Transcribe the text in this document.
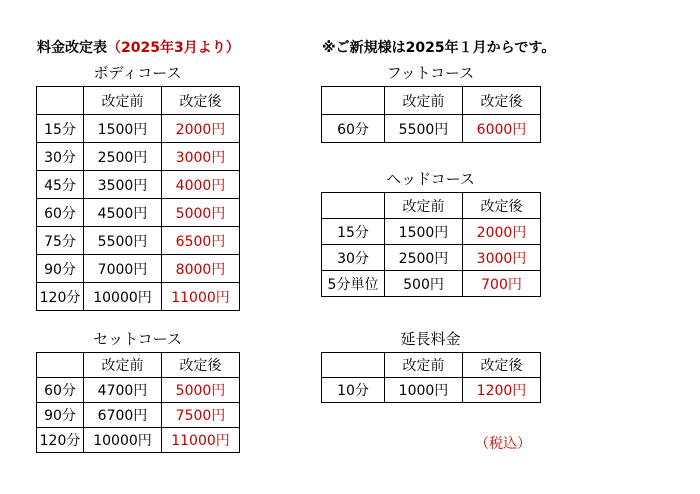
料金改定表（2025年3月より）	※ご新規様は2025年１月からです。
ボディコース
	改定前	改定後
15分	1500円	2000円
30分	2500円	3000円
45分	3500円	4000円
60分	4500円	5000円
75分	5500円	6500円
90分	7000円	8000円
120分	10000円	11000円
フットコース
	改定前	改定後
60分	5500円	6000円
ヘッドコース
	改定前	改定後
15分	1500円	2000円
30分	2500円	3000円
5分単位	500円	700円
セットコース
	改定前	改定後
60分	4700円	5000円
90分	6700円	7500円
120分	10000円	11000円
延長料金
	改定前	改定後
10分	1000円	1200円
（税込）
